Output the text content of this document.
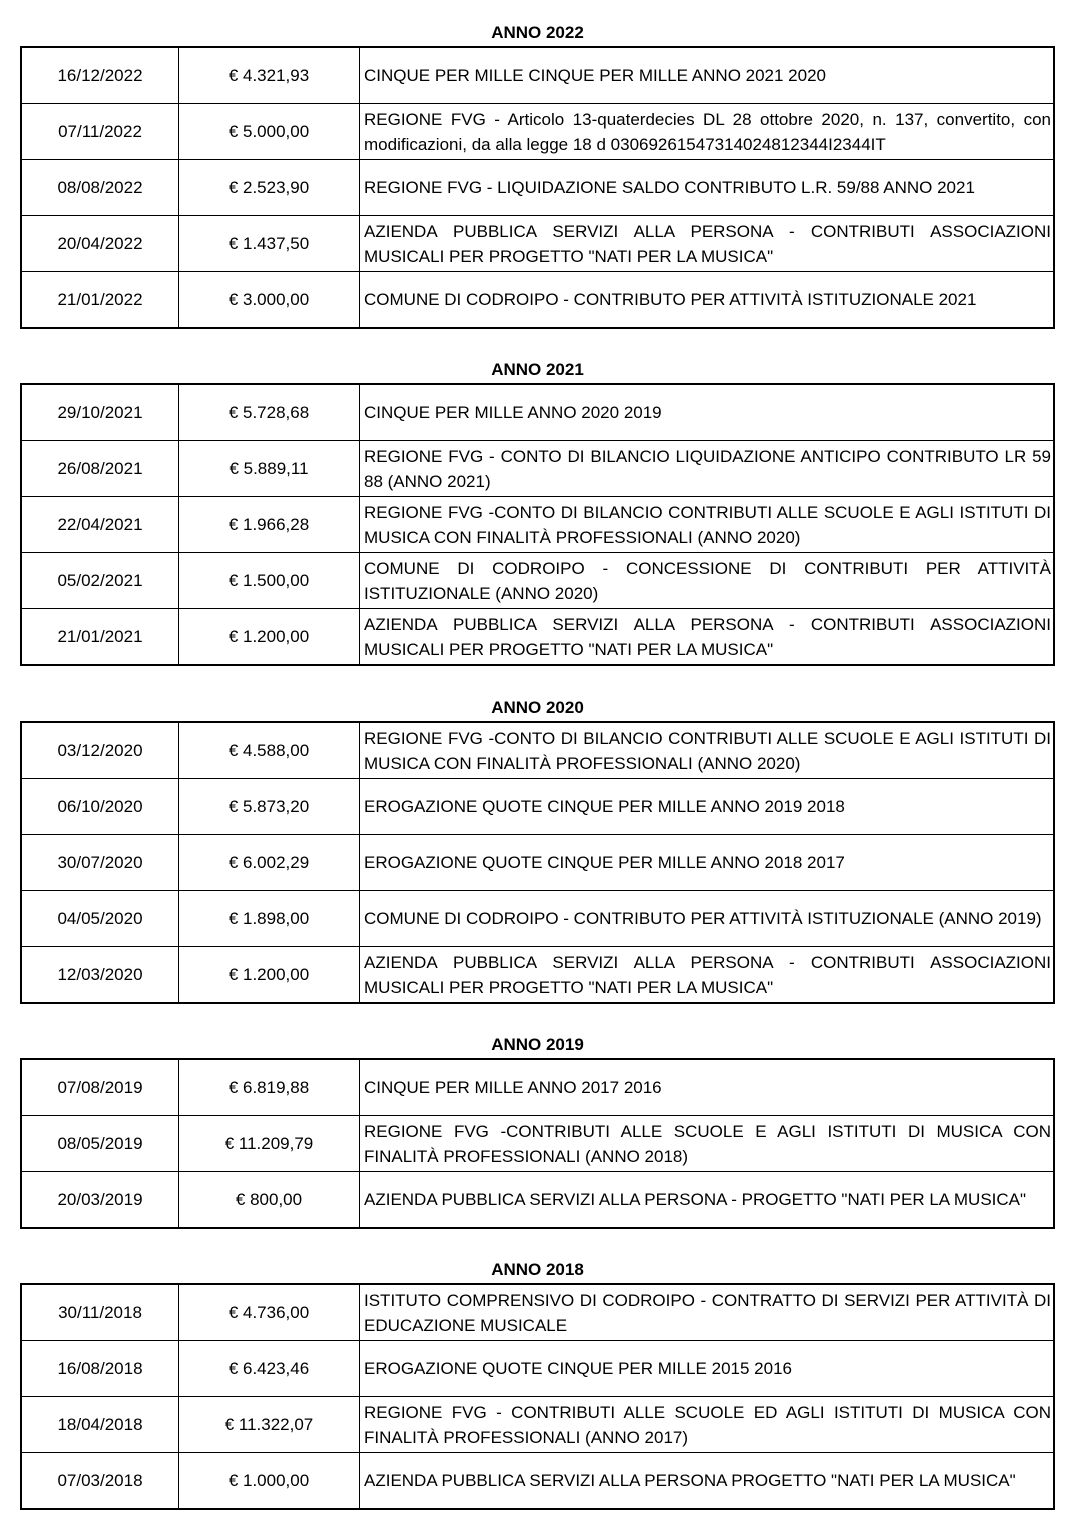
ANNO 2022
16/12/2022	€ 4.321,93	CINQUE PER MILLE CINQUE PER MILLE ANNO 2021 2020
07/11/2022	€ 5.000,00	REGIONE FVG - Articolo 13-quaterdecies DL 28 ottobre 2020, n. 137, convertito, con modificazioni, da alla legge 18 d 03069261547314024812344I2344IT
08/08/2022	€ 2.523,90	REGIONE FVG - LIQUIDAZIONE SALDO CONTRIBUTO L.R. 59/88 ANNO 2021
20/04/2022	€ 1.437,50	AZIENDA PUBBLICA SERVIZI ALLA PERSONA - CONTRIBUTI ASSOCIAZIONI MUSICALI PER PROGETTO "NATI PER LA MUSICA"
21/01/2022	€ 3.000,00	COMUNE DI CODROIPO - CONTRIBUTO PER ATTIVITÀ ISTITUZIONALE 2021
ANNO 2021
29/10/2021	€ 5.728,68	CINQUE PER MILLE ANNO 2020 2019
26/08/2021	€ 5.889,11	REGIONE FVG - CONTO DI BILANCIO LIQUIDAZIONE ANTICIPO CONTRIBUTO LR 59 88 (ANNO 2021)
22/04/2021	€ 1.966,28	REGIONE FVG -CONTO DI BILANCIO CONTRIBUTI ALLE SCUOLE E AGLI ISTITUTI DI MUSICA CON FINALITÀ PROFESSIONALI (ANNO 2020)
05/02/2021	€ 1.500,00	COMUNE DI CODROIPO - CONCESSIONE DI CONTRIBUTI PER ATTIVITÀ ISTITUZIONALE (ANNO 2020)
21/01/2021	€ 1.200,00	AZIENDA PUBBLICA SERVIZI ALLA PERSONA - CONTRIBUTI ASSOCIAZIONI MUSICALI PER PROGETTO "NATI PER LA MUSICA"
ANNO 2020
03/12/2020	€ 4.588,00	REGIONE FVG -CONTO DI BILANCIO CONTRIBUTI ALLE SCUOLE E AGLI ISTITUTI DI MUSICA CON FINALITÀ PROFESSIONALI (ANNO 2020)
06/10/2020	€ 5.873,20	EROGAZIONE QUOTE CINQUE PER MILLE ANNO 2019 2018
30/07/2020	€ 6.002,29	EROGAZIONE QUOTE CINQUE PER MILLE ANNO 2018 2017
04/05/2020	€ 1.898,00	COMUNE DI CODROIPO - CONTRIBUTO PER ATTIVITÀ ISTITUZIONALE (ANNO 2019)
12/03/2020	€ 1.200,00	AZIENDA PUBBLICA SERVIZI ALLA PERSONA - CONTRIBUTI ASSOCIAZIONI MUSICALI PER PROGETTO "NATI PER LA MUSICA"
ANNO 2019
07/08/2019	€ 6.819,88	CINQUE PER MILLE ANNO 2017 2016
08/05/2019	€ 11.209,79	REGIONE FVG -CONTRIBUTI ALLE SCUOLE E AGLI ISTITUTI DI MUSICA CON FINALITÀ PROFESSIONALI (ANNO 2018)
20/03/2019	€ 800,00	AZIENDA PUBBLICA SERVIZI ALLA PERSONA - PROGETTO "NATI PER LA MUSICA"
ANNO 2018
30/11/2018	€ 4.736,00	ISTITUTO COMPRENSIVO DI CODROIPO - CONTRATTO DI SERVIZI PER ATTIVITÀ DI EDUCAZIONE MUSICALE
16/08/2018	€ 6.423,46	EROGAZIONE QUOTE CINQUE PER MILLE 2015 2016
18/04/2018	€ 11.322,07	REGIONE FVG - CONTRIBUTI ALLE SCUOLE ED AGLI ISTITUTI DI MUSICA CON FINALITÀ PROFESSIONALI (ANNO 2017)
07/03/2018	€ 1.000,00	AZIENDA PUBBLICA SERVIZI ALLA PERSONA PROGETTO "NATI PER LA MUSICA"
